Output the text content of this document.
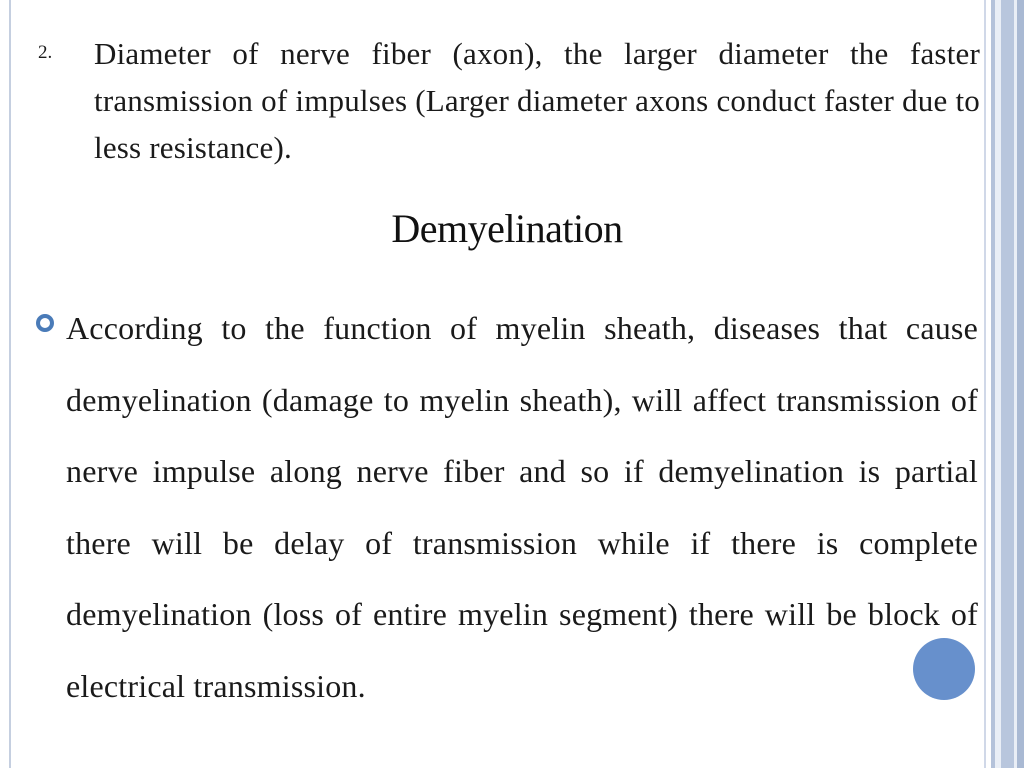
2.	Diameter of nerve fiber (axon), the larger diameter the faster transmission of impulses (Larger diameter axons conduct faster due to less resistance).
Demyelination
According to the function of myelin sheath, diseases that cause demyelination (damage to myelin sheath), will affect transmission of nerve impulse along nerve fiber and so if demyelination is partial there will be delay of transmission while if there is complete demyelination (loss of entire myelin segment) there will be block of electrical transmission.
